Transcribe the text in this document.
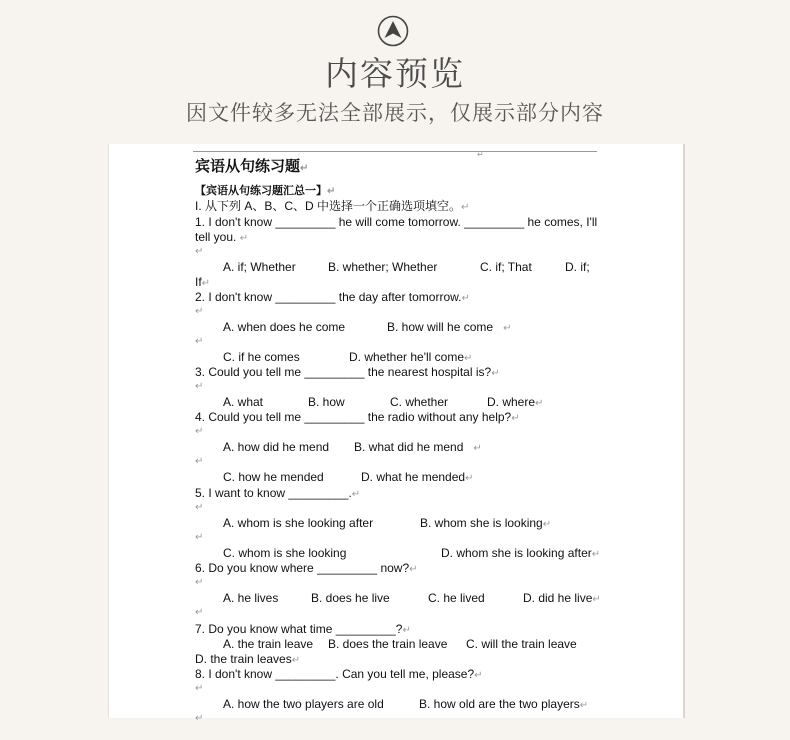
内容预览
因文件较多无法全部展示，仅展示部分内容
↵
宾语从句练习题↵
【宾语从句练习题汇总一】↵
I. 从下列 A、B、C、D 中选择一个正确选项填空。↵
1. I don't know _________ he will come tomorrow. _________ he comes, I'll
tell you. ↵
↵
A. if; Whether	B. whether; Whether	C. if; That	D. if;
If↵
2. I don't know _________ the day after tomorrow.↵
↵
A. when does he come	B. how will he come ↵
↵
C. if he comes	D. whether he'll come↵
3. Could you tell me _________ the nearest hospital is?↵
↵
A. what	B. how	C. whether	D. where↵
4. Could you tell me _________ the radio without any help?↵
↵
A. how did he mend B. what did he mend ↵
↵
C. how he mended	D. what he mended↵
5. I want to know _________.↵
↵
A. whom is she looking after	B. whom she is looking↵
↵
C. whom is she looking	D. whom she is looking after↵
6. Do you know where _________ now?↵
↵
A. he lives	B. does he live	C. he lived	D. did he live↵
↵
7. Do you know what time _________?↵
A. the train leave B. does the train leave C. will the train leave
D. the train leaves↵
8. I don't know _________. Can you tell me, please?↵
↵
A. how the two players are old	B. how old are the two players↵
↵
